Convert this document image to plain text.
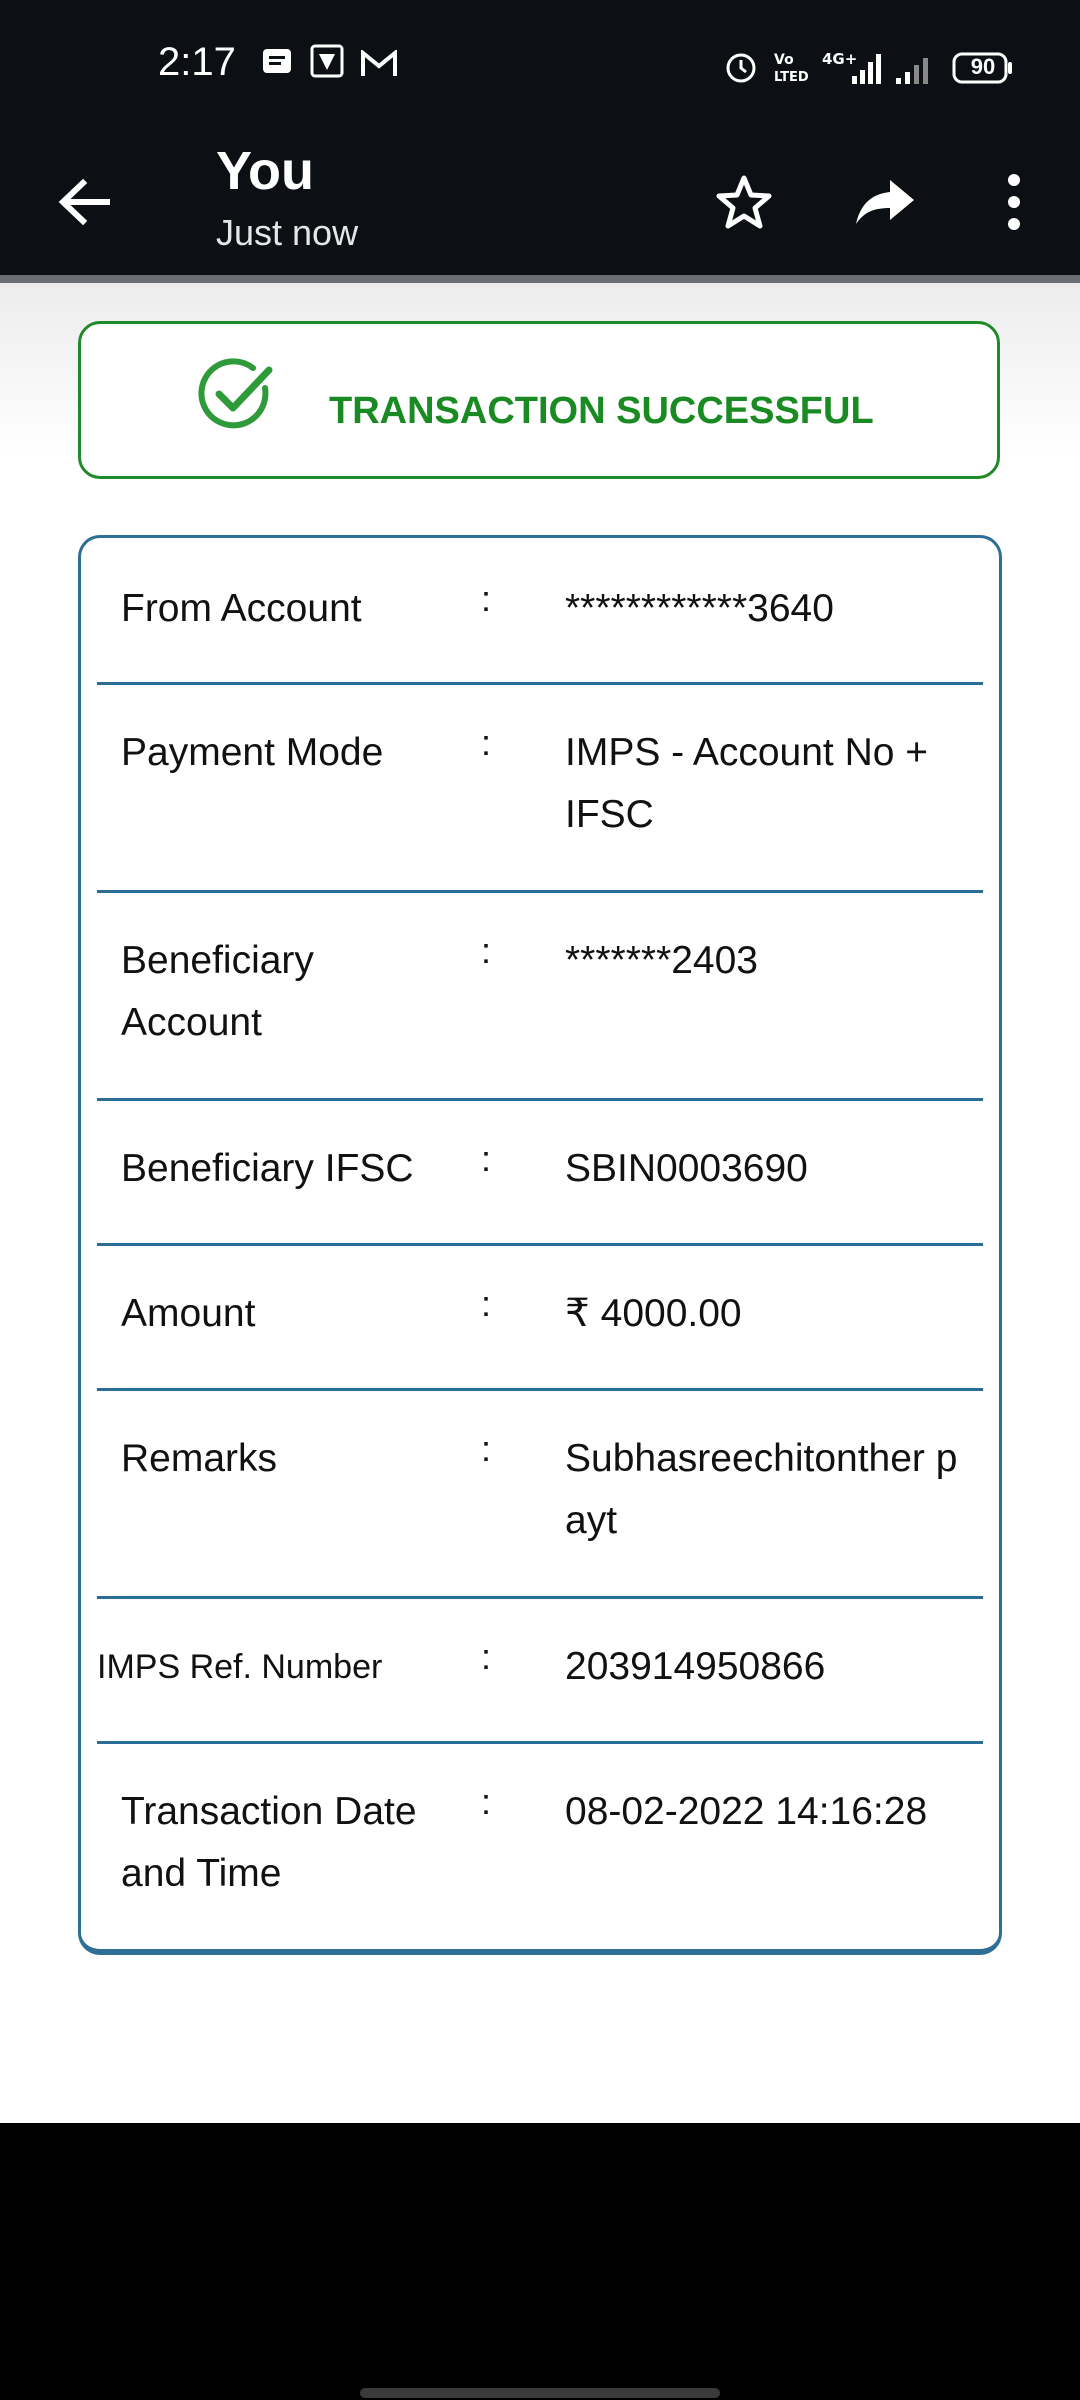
2:17	Vo
LTED
4G+	90
You
Just now
TRANSACTION SUCCESSFUL
From Account	: ************3640
Payment Mode	: IMPS - Account No + IFSC
Beneficiary Account
: *******2403
Beneficiary IFSC	: SBIN0003690
Amount	: ₹ 4000.00
Remarks	: Subhasreechitonther payt
IMPS Ref. Number	: 203914950866
Transaction Date and Time
: 08-02-2022 14:16:28
